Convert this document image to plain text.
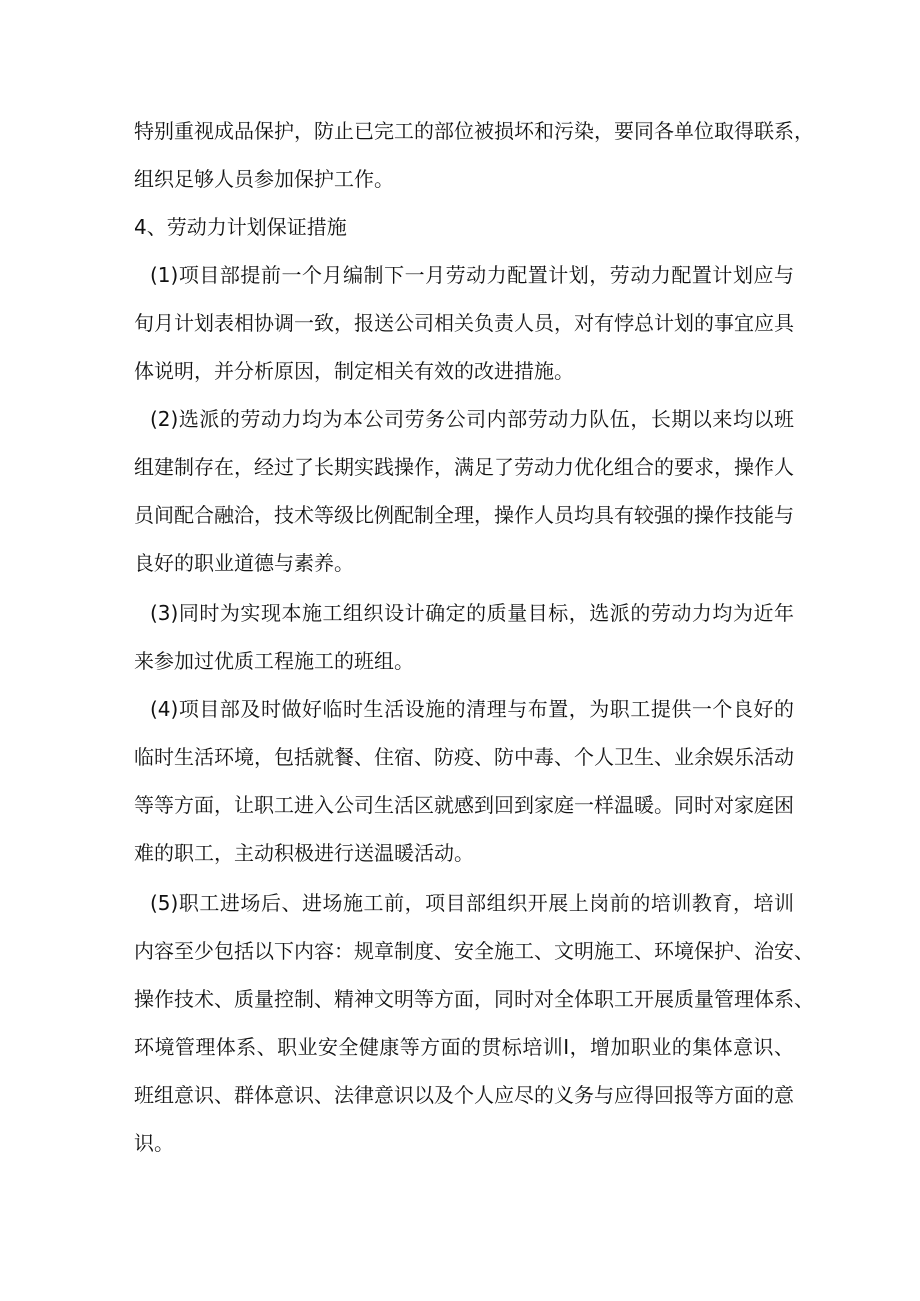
特别重视成品保护，防止已完工的部位被损坏和污染，要同各单位取得联系，
组织足够人员参加保护工作。
4、劳动力计划保证措施
(1)项目部提前一个月编制下一月劳动力配置计划，劳动力配置计划应与
旬月计划表相协调一致，报送公司相关负责人员，对有悖总计划的事宜应具
体说明，并分析原因，制定相关有效的改进措施。
(2)选派的劳动力均为本公司劳务公司内部劳动力队伍，长期以来均以班
组建制存在，经过了长期实践操作，满足了劳动力优化组合的要求，操作人
员间配合融洽，技术等级比例配制全理，操作人员均具有较强的操作技能与
良好的职业道德与素养。
(3)同时为实现本施工组织设计确定的质量目标，选派的劳动力均为近年
来参加过优质工程施工的班组。
(4)项目部及时做好临时生活设施的清理与布置，为职工提供一个良好的
临时生活环境，包括就餐、住宿、防疫、防中毒、个人卫生、业余娱乐活动
等等方面，让职工进入公司生活区就感到回到家庭一样温暖。同时对家庭困
难的职工，主动积极进行送温暖活动。
(5)职工进场后、进场施工前，项目部组织开展上岗前的培训教育，培训
内容至少包括以下内容：规章制度、安全施工、文明施工、环境保护、治安、
操作技术、质量控制、精神文明等方面，同时对全体职工开展质量管理体系、
环境管理体系、职业安全健康等方面的贯标培训Ⅰ，增加职业的集体意识、
班组意识、群体意识、法律意识以及个人应尽的义务与应得回报等方面的意
识。
